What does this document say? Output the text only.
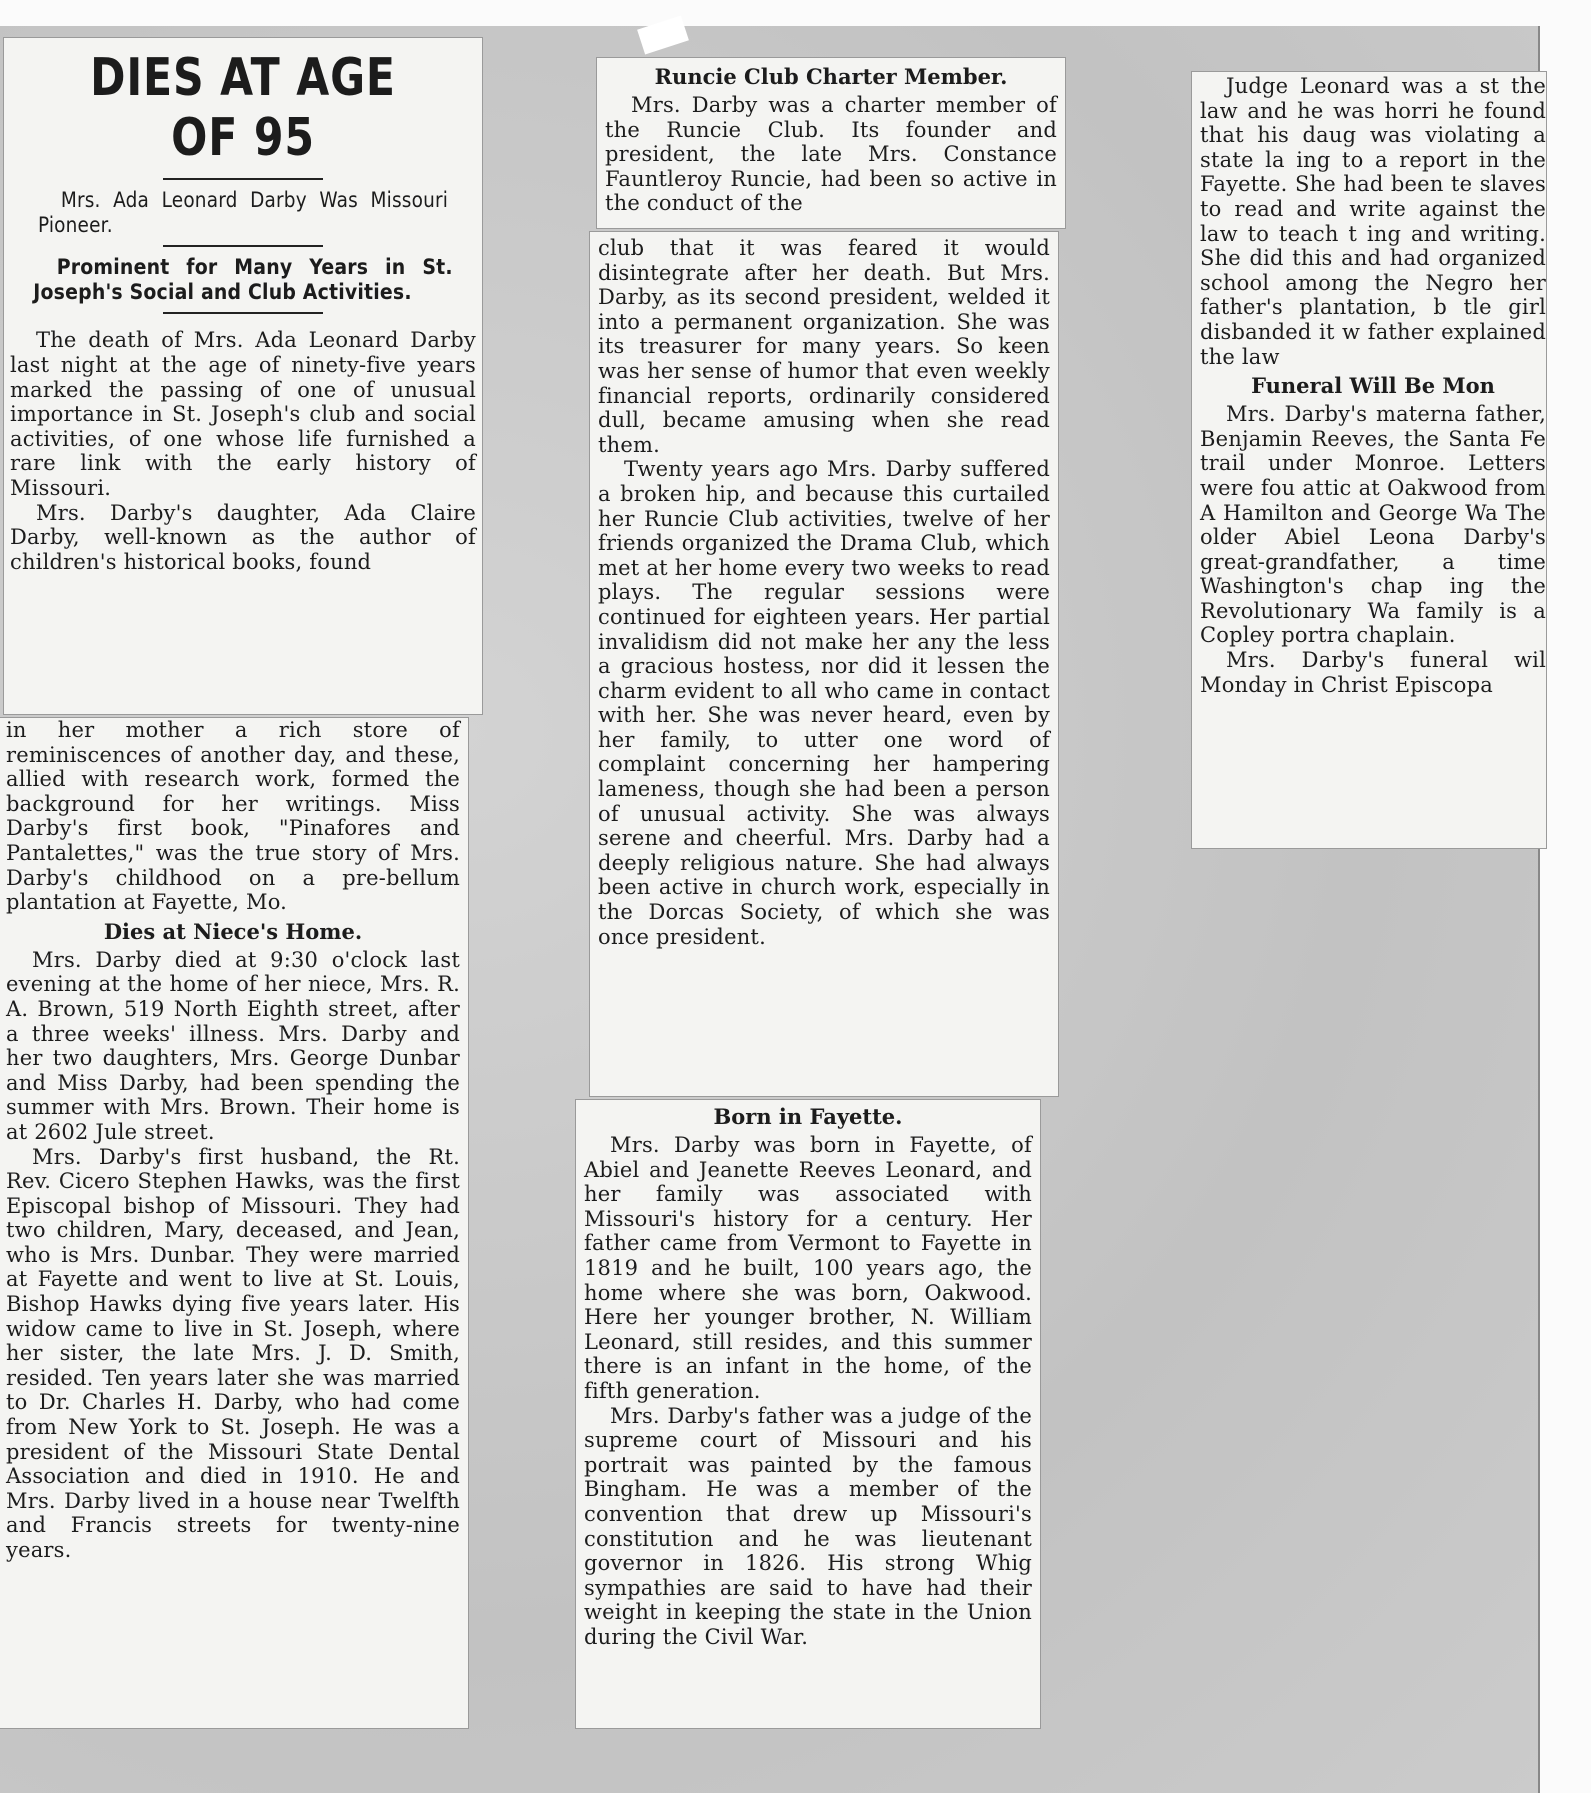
DIES AT AGE OF 95

Mrs. Ada Leonard Darby Was Missouri Pioneer.

Prominent for Many Years in St. Joseph's Social and Club Activities.

The death of Mrs. Ada Leonard Darby last night at the age of ninety-five years marked the passing of one of unusual importance in St. Joseph's club and social activities, of one whose life furnished a rare link with the early history of Missouri.

Mrs. Darby's daughter, Ada Claire Darby, well-known as the author of children's historical books, found

in her mother a rich store of reminiscences of another day, and these, allied with research work, formed the background for her writings. Miss Darby's first book, "Pinafores and Pantalettes," was the true story of Mrs. Darby's childhood on a pre-bellum plantation at Fayette, Mo.

Dies at Niece's Home.

Mrs. Darby died at 9:30 o'clock last evening at the home of her niece, Mrs. R. A. Brown, 519 North Eighth street, after a three weeks' illness. Mrs. Darby and her two daughters, Mrs. George Dunbar and Miss Darby, had been spending the summer with Mrs. Brown. Their home is at 2602 Jule street.

Mrs. Darby's first husband, the Rt. Rev. Cicero Stephen Hawks, was the first Episcopal bishop of Missouri. They had two children, Mary, deceased, and Jean, who is Mrs. Dunbar. They were married at Fayette and went to live at St. Louis, Bishop Hawks dying five years later. His widow came to live in St. Joseph, where her sister, the late Mrs. J. D. Smith, resided. Ten years later she was married to Dr. Charles H. Darby, who had come from New York to St. Joseph. He was a president of the Missouri State Dental Association and died in 1910. He and Mrs. Darby lived in a house near Twelfth and Francis streets for twenty-nine years.

Runcie Club Charter Member.

Mrs. Darby was a charter member of the Runcie Club. Its founder and president, the late Mrs. Constance Fauntleroy Runcie, had been so active in the conduct of the

club that it was feared it would disintegrate after her death. But Mrs. Darby, as its second president, welded it into a permanent organization. She was its treasurer for many years. So keen was her sense of humor that even weekly financial reports, ordinarily considered dull, became amusing when she read them.

Twenty years ago Mrs. Darby suffered a broken hip, and because this curtailed her Runcie Club activities, twelve of her friends organized the Drama Club, which met at her home every two weeks to read plays. The regular sessions were continued for eighteen years. Her partial invalidism did not make her any the less a gracious hostess, nor did it lessen the charm evident to all who came in contact with her. She was never heard, even by her family, to utter one word of complaint concerning her hampering lameness, though she had been a person of unusual activity. She was always serene and cheerful. Mrs. Darby had a deeply religious nature. She had always been active in church work, especially in the Dorcas Society, of which she was once president.

Born in Fayette.

Mrs. Darby was born in Fayette, of Abiel and Jeanette Reeves Leonard, and her family was associated with Missouri's history for a century. Her father came from Vermont to Fayette in 1819 and he built, 100 years ago, the home where she was born, Oakwood. Here her younger brother, N. William Leonard, still resides, and this summer there is an infant in the home, of the fifth generation.

Mrs. Darby's father was a judge of the supreme court of Missouri and his portrait was painted by the famous Bingham. He was a member of the convention that drew up Missouri's constitution and he was lieutenant governor in 1826. His strong Whig sympathies are said to have had their weight in keeping the state in the Union during the Civil War.

Judge Leonard was a st the law and he was horri he found that his daug was violating a state la ing to a report in the Fayette. She had been te slaves to read and write against the law to teach t ing and writing. She did this and had organized school among the Negro her father's plantation, b tle girl disbanded it w father explained the law

Funeral Will Be Mon

Mrs. Darby's materna father, Benjamin Reeves, the Santa Fe trail under Monroe. Letters were fou attic at Oakwood from A Hamilton and George Wa The older Abiel Leona Darby's great-grandfather, a time Washington's chap ing the Revolutionary Wa family is a Copley portra chaplain.

Mrs. Darby's funeral wil Monday in Christ Episcopa
